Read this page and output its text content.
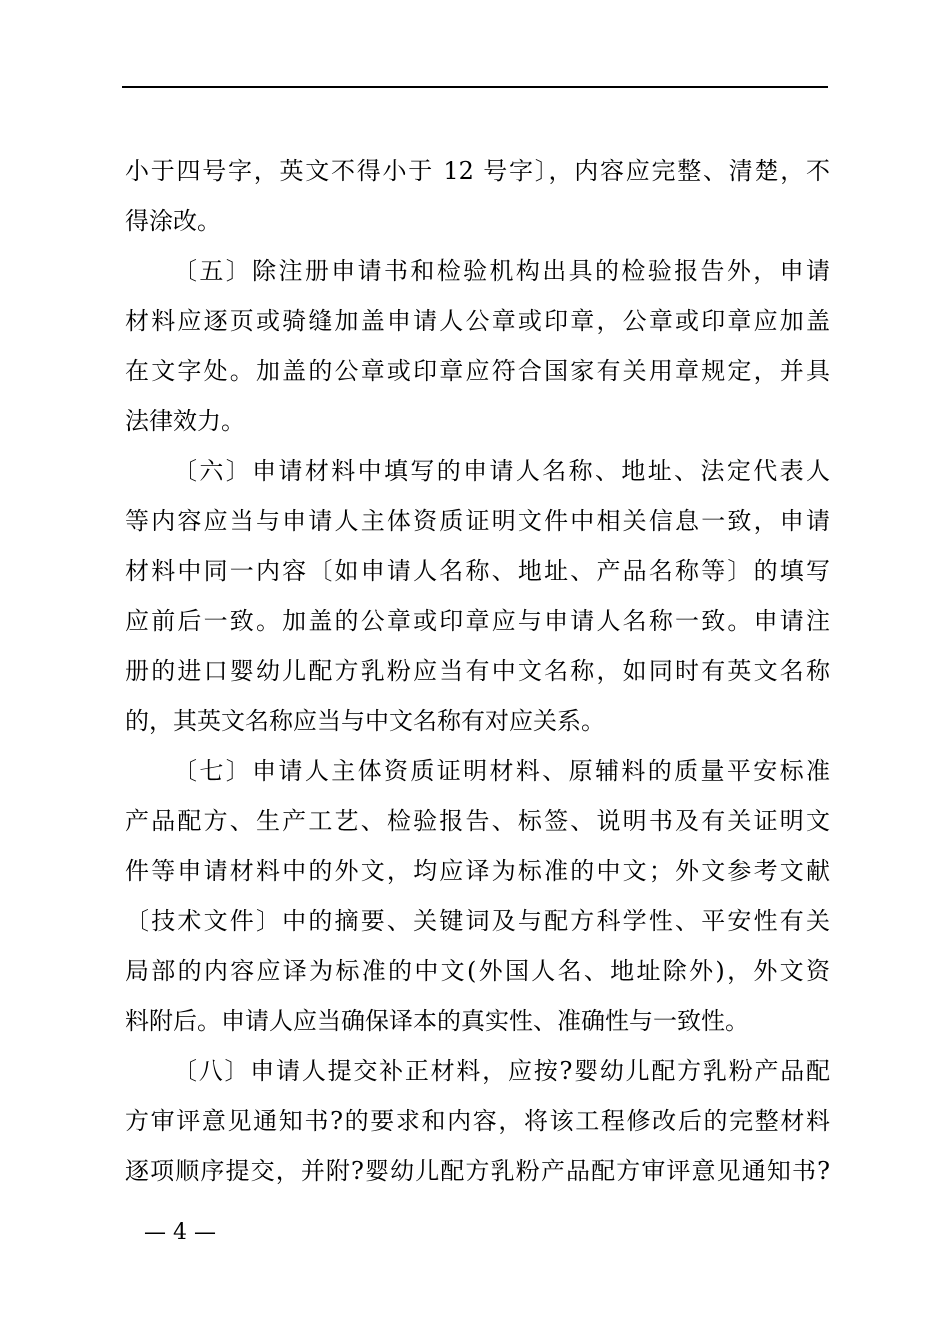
小于四号字，英文不得小于 12 号字〕，内容应完整、清楚，不
得涂改。
〔五〕除注册申请书和检验机构出具的检验报告外，申请
材料应逐页或骑缝加盖申请人公章或印章，公章或印章应加盖
在文字处。加盖的公章或印章应符合国家有关用章规定，并具
法律效力。
〔六〕申请材料中填写的申请人名称、地址、法定代表人
等内容应当与申请人主体资质证明文件中相关信息一致，申请
材料中同一内容〔如申请人名称、地址、产品名称等〕的填写
应前后一致。加盖的公章或印章应与申请人名称一致。申请注
册的进口婴幼儿配方乳粉应当有中文名称，如同时有英文名称
的，其英文名称应当与中文名称有对应关系。
〔七〕申请人主体资质证明材料、原辅料的质量平安标准
产品配方、生产工艺、检验报告、标签、说明书及有关证明文
件等申请材料中的外文，均应译为标准的中文；外文参考文献
〔技术文件〕中的摘要、关键词及与配方科学性、平安性有关
局部的内容应译为标准的中文(外国人名、地址除外)，外文资
料附后。申请人应当确保译本的真实性、准确性与一致性。
〔八〕申请人提交补正材料，应按?婴幼儿配方乳粉产品配
方审评意见通知书?的要求和内容，将该工程修改后的完整材料
逐项顺序提交，并附?婴幼儿配方乳粉产品配方审评意见通知书?
— 4 —
